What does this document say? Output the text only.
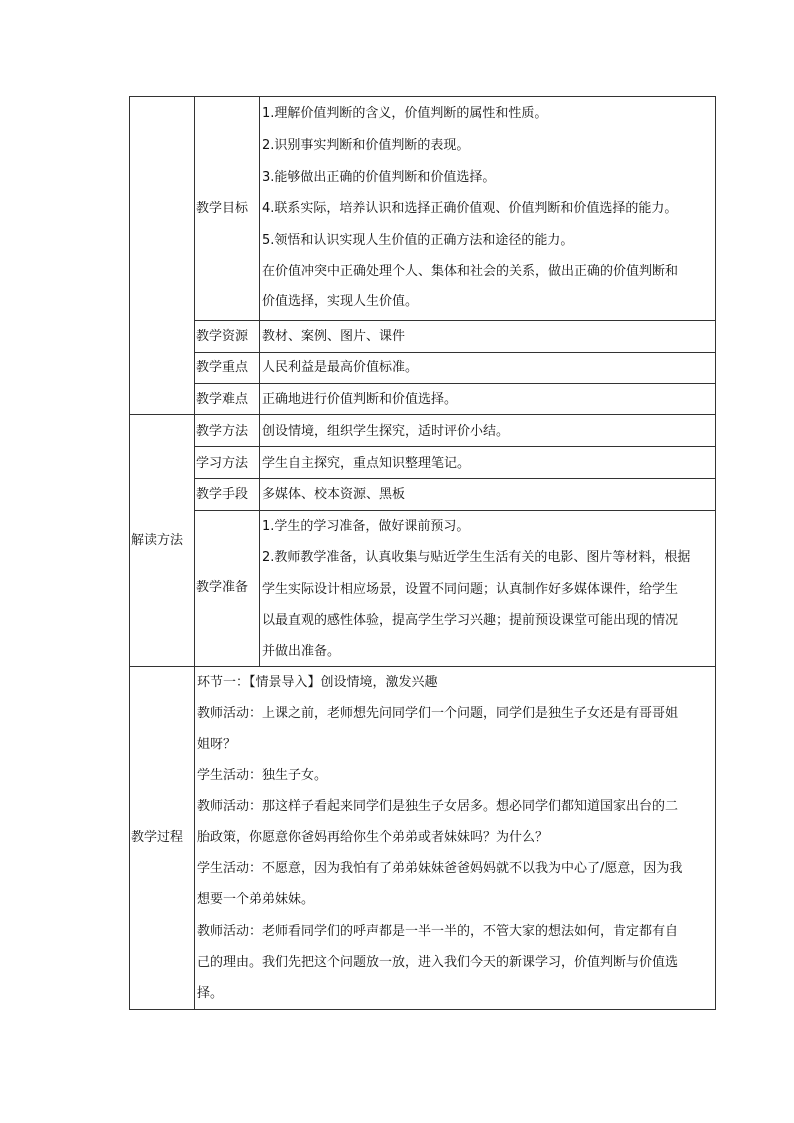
教学目标
教学资源
教学重点
教学难点
1.理解价值判断的含义，价值判断的属性和性质。
2.识别事实判断和价值判断的表现。
3.能够做出正确的价值判断和价值选择。
4.联系实际，培养认识和选择正确价值观、价值判断和价值选择的能力。
5.领悟和认识实现人生价值的正确方法和途径的能力。
在价值冲突中正确处理个人、集体和社会的关系，做出正确的价值判断和
价值选择，实现人生价值。
教材、案例、图片、课件
人民利益是最高价值标准。
正确地进行价值判断和价值选择。
解读方法
教学方法 创设情境，组织学生探究，适时评价小结。
学习方法 学生自主探究，重点知识整理笔记。
教学手段 多媒体、校本资源、黑板
教学准备
1.学生的学习准备，做好课前预习。
2.教师教学准备，认真收集与贴近学生生活有关的电影、图片等材料，根据
学生实际设计相应场景，设置不同问题；认真制作好多媒体课件，给学生
以最直观的感性体验，提高学生学习兴趣；提前预设课堂可能出现的情况
并做出准备。
教学过程
环节一：【情景导入】创设情境，激发兴趣
教师活动：上课之前，老师想先问同学们一个问题，同学们是独生子女还是有哥哥姐
姐呀？
学生活动：独生子女。
教师活动：那这样子看起来同学们是独生子女居多。想必同学们都知道国家出台的二
胎政策，你愿意你爸妈再给你生个弟弟或者妹妹吗？为什么？
学生活动：不愿意，因为我怕有了弟弟妹妹爸爸妈妈就不以我为中心了/愿意，因为我
想要一个弟弟妹妹。
教师活动：老师看同学们的呼声都是一半一半的，不管大家的想法如何，肯定都有自
己的理由。我们先把这个问题放一放，进入我们今天的新课学习，价值判断与价值选
择。
